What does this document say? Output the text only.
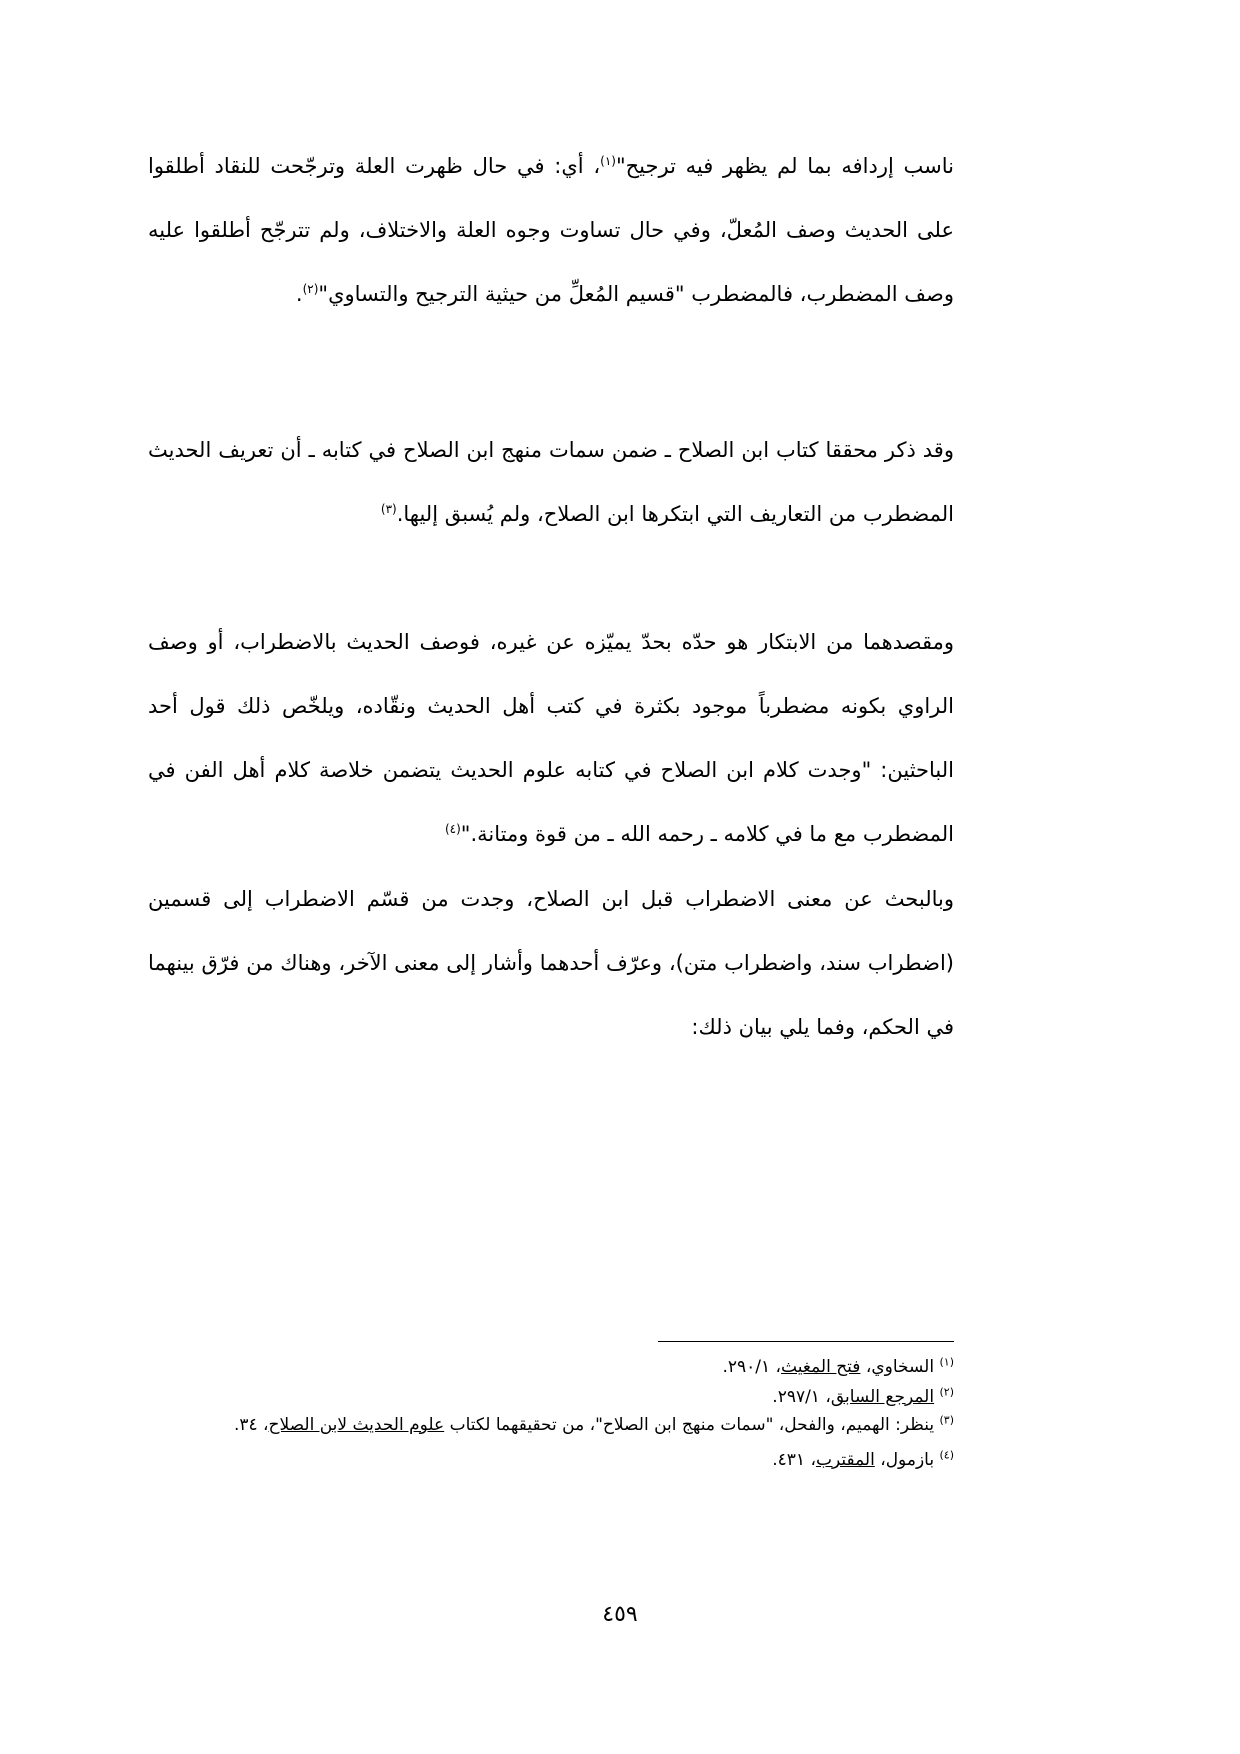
ناسب إردافه بما لم يظهر فيه ترجيح"$^{(١)}$، أي: في حال ظهرت العلة وترجّحت للنقاد أطلقوا على الحديث وصف المُعلّ، وفي حال تساوت وجوه العلة والاختلاف، ولم تترجّح أطلقوا عليه وصف المضطرب، فالمضطرب "قسيم المُعلِّ من حيثية الترجيح والتساوي"$^{(٢)}$.

وقد ذكر محققا كتاب ابن الصلاح ـ ضمن سمات منهج ابن الصلاح في كتابه ـ أن تعريف الحديث المضطرب من التعاريف التي ابتكرها ابن الصلاح، ولم يُسبق إليها.$^{(٣)}$

ومقصدهما من الابتكار هو حدّه بحدّ يميّزه عن غيره، فوصف الحديث بالاضطراب، أو وصف الراوي بكونه مضطرباً موجود بكثرة في كتب أهل الحديث ونقّاده، ويلخّص ذلك قول أحد الباحثين: "وجدت كلام ابن الصلاح في كتابه علوم الحديث يتضمن خلاصة كلام أهل الفن في المضطرب مع ما في كلامه ـ رحمه الله ـ من قوة ومتانة."$^{(٤)}$

وبالبحث عن معنى الاضطراب قبل ابن الصلاح، وجدت من قسّم الاضطراب إلى قسمين (اضطراب سند، واضطراب متن)، وعرّف أحدهما وأشار إلى معنى الآخر، وهناك من فرّق بينهما في الحكم، وفما يلي بيان ذلك:

$^{(١)}$ السخاوي، فتح المغيث، ٢٩٠/١.

$^{(٢)}$ المرجع السابق، ٢٩٧/١.

$^{(٣)}$ ينظر: الهميم، والفحل، "سمات منهج ابن الصلاح"، من تحقيقهما لكتاب علوم الحديث لابن الصلاح، ٣٤.

$^{(٤)}$ بازمول، المقترب، ٤٣١.

٤٥٩
